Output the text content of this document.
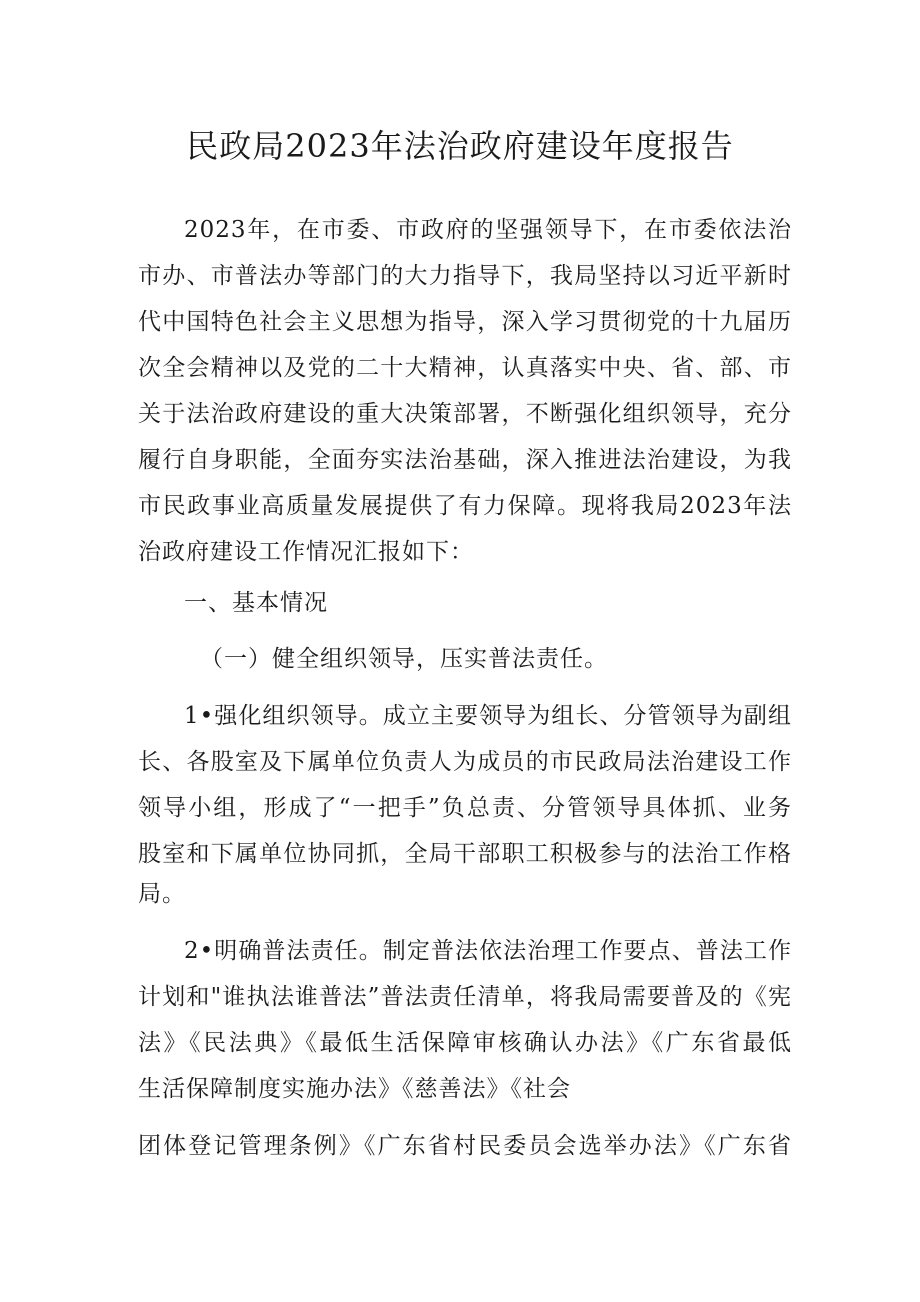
民政局2023年法治政府建设年度报告
2023年，在市委、市政府的坚强领导下，在市委依法治
市办、市普法办等部门的大力指导下，我局坚持以习近平新时
代中国特色社会主义思想为指导，深入学习贯彻党的十九届历
次全会精神以及党的二十大精神，认真落实中央、省、部、市
关于法治政府建设的重大决策部署，不断强化组织领导，充分
履行自身职能，全面夯实法治基础，深入推进法治建设，为我
市民政事业高质量发展提供了有力保障。现将我局2023年法
治政府建设工作情况汇报如下：
一、基本情况
（一）健全组织领导，压实普法责任。
1•强化组织领导。成立主要领导为组长、分管领导为副组
长、各股室及下属单位负责人为成员的市民政局法治建设工作
领导小组，形成了“一把手”负总责、分管领导具体抓、业务
股室和下属单位协同抓，全局干部职工积极参与的法治工作格
局。
2•明确普法责任。制定普法依法治理工作要点、普法工作
计划和"谁执法谁普法”普法责任清单，将我局需要普及的《宪
法》《民法典》《最低生活保障审核确认办法》《广东省最低
生活保障制度实施办法》《慈善法》《社会
团体登记管理条例》《广东省村民委员会选举办法》《广东省
